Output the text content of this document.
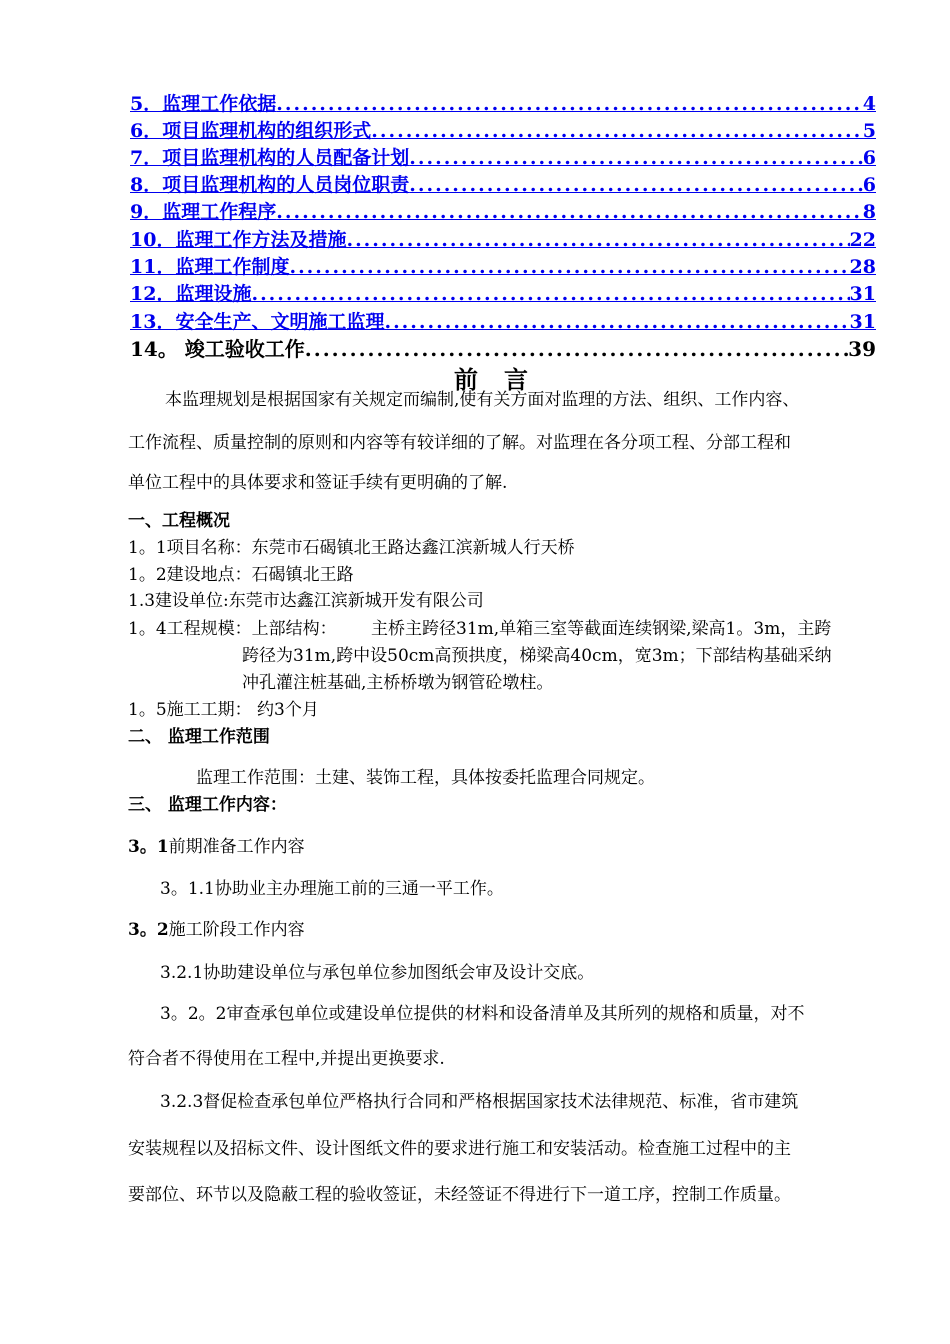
5．监理工作依据 .....	4
6．项目监理机构的组织形式 .....	5
7．项目监理机构的人员配备计划 .....	6
8．项目监理机构的人员岗位职责 .....	6
9．监理工作程序 .....	8
10．监理工作方法及措施 .....	22
11．监理工作制度 .....	28
12．监理设施 .....	31
13．安全生产、文明施工监理 .....	31
14。 竣工验收工作 .....	39
前言
本监理规划是根据国家有关规定而编制,使有关方面对监理的方法、组织、工作内容、
工作流程、质量控制的原则和内容等有较详细的了解。对监理在各分项工程、分部工程和
单位工程中的具体要求和签证手续有更明确的了解.
一、工程概况
1。1项目名称：东莞市石碣镇北王路达鑫江滨新城人行天桥
1。2建设地点：石碣镇北王路
1.3建设单位:东莞市达鑫江滨新城开发有限公司
1。4工程规模：上部结构： 主桥主跨径31m,单箱三室等截面连续钢梁,梁高1。3m，主跨
跨径为31m,跨中设50cm高预拱度，梯梁高40cm，宽3m；下部结构基础采纳
冲孔灌注桩基础,主桥桥墩为钢管砼墩柱。
1。5施工工期： 约3个月
二、 监理工作范围
监理工作范围：土建、装饰工程，具体按委托监理合同规定。
三、 监理工作内容：
3。1前期准备工作内容
3。1.1协助业主办理施工前的三通一平工作。
3。2施工阶段工作内容
3.2.1协助建设单位与承包单位参加图纸会审及设计交底。
3。2。2审查承包单位或建设单位提供的材料和设备清单及其所列的规格和质量，对不
符合者不得使用在工程中,并提出更换要求.
3.2.3督促检查承包单位严格执行合同和严格根据国家技术法律规范、标准，省市建筑
安装规程以及招标文件、设计图纸文件的要求进行施工和安装活动。检查施工过程中的主
要部位、环节以及隐蔽工程的验收签证，未经签证不得进行下一道工序，控制工作质量。
